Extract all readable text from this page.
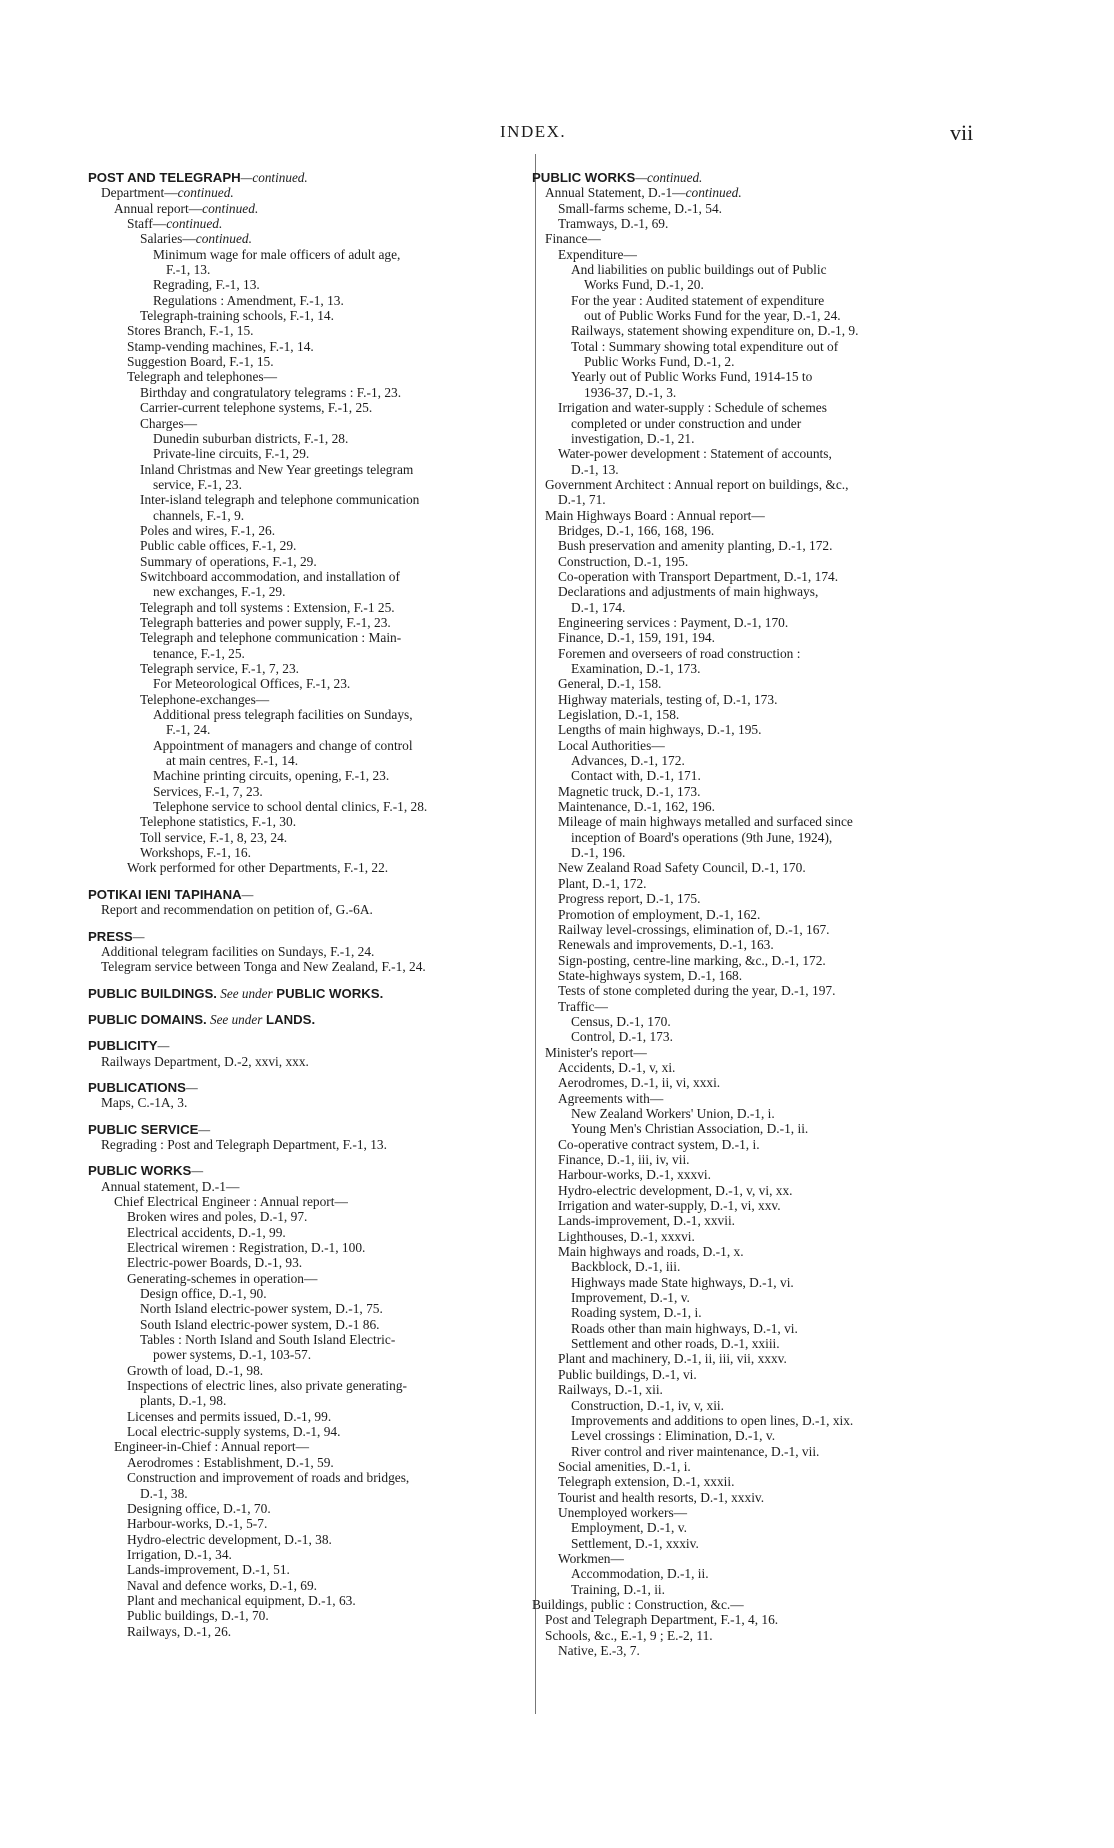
INDEX.	vii
POST AND TELEGRAPH—continued.
Department—continued.
Annual report—continued.
Staff—continued.
Salaries—continued.
Minimum wage for male officers of adult age,
F.-1, 13.
Regrading, F.-1, 13.
Regulations : Amendment, F.-1, 13.
Telegraph-training schools, F.-1, 14.
Stores Branch, F.-1, 15.
Stamp-vending machines, F.-1, 14.
Suggestion Board, F.-1, 15.
Telegraph and telephones—
Birthday and congratulatory telegrams : F.-1, 23.
Carrier-current telephone systems, F.-1, 25.
Charges—
Dunedin suburban districts, F.-1, 28.
Private-line circuits, F.-1, 29.
Inland Christmas and New Year greetings telegram
service, F.-1, 23.
Inter-island telegraph and telephone communication
channels, F.-1, 9.
Poles and wires, F.-1, 26.
Public cable offices, F.-1, 29.
Summary of operations, F.-1, 29.
Switchboard accommodation, and installation of
new exchanges, F.-1, 29.
Telegraph and toll systems : Extension, F.-1 25.
Telegraph batteries and power supply, F.-1, 23.
Telegraph and telephone communication : Main-
tenance, F.-1, 25.
Telegraph service, F.-1, 7, 23.
For Meteorological Offices, F.-1, 23.
Telephone-exchanges—
Additional press telegraph facilities on Sundays,
F.-1, 24.
Appointment of managers and change of control
at main centres, F.-1, 14.
Machine printing circuits, opening, F.-1, 23.
Services, F.-1, 7, 23.
Telephone service to school dental clinics, F.-1, 28.
Telephone statistics, F.-1, 30.
Toll service, F.-1, 8, 23, 24.
Workshops, F.-1, 16.
Work performed for other Departments, F.-1, 22.
POTIKAI IENI TAPIHANA—
Report and recommendation on petition of, G.-6A.
PRESS—
Additional telegram facilities on Sundays, F.-1, 24.
Telegram service between Tonga and New Zealand, F.-1, 24.
PUBLIC BUILDINGS. See under PUBLIC WORKS.
PUBLIC DOMAINS. See under LANDS.
PUBLICITY—
Railways Department, D.-2, xxvi, xxx.
PUBLICATIONS—
Maps, C.-1A, 3.
PUBLIC SERVICE—
Regrading : Post and Telegraph Department, F.-1, 13.
PUBLIC WORKS—
Annual statement, D.-1—
Chief Electrical Engineer : Annual report—
Broken wires and poles, D.-1, 97.
Electrical accidents, D.-1, 99.
Electrical wiremen : Registration, D.-1, 100.
Electric-power Boards, D.-1, 93.
Generating-schemes in operation—
Design office, D.-1, 90.
North Island electric-power system, D.-1, 75.
South Island electric-power system, D.-1 86.
Tables : North Island and South Island Electric-
power systems, D.-1, 103-57.
Growth of load, D.-1, 98.
Inspections of electric lines, also private generating-
plants, D.-1, 98.
Licenses and permits issued, D.-1, 99.
Local electric-supply systems, D.-1, 94.
Engineer-in-Chief : Annual report—
Aerodromes : Establishment, D.-1, 59.
Construction and improvement of roads and bridges,
D.-1, 38.
Designing office, D.-1, 70.
Harbour-works, D.-1, 5-7.
Hydro-electric development, D.-1, 38.
Irrigation, D.-1, 34.
Lands-improvement, D.-1, 51.
Naval and defence works, D.-1, 69.
Plant and mechanical equipment, D.-1, 63.
Public buildings, D.-1, 70.
Railways, D.-1, 26.
PUBLIC WORKS—continued.
Annual Statement, D.-1—continued.
Small-farms scheme, D.-1, 54.
Tramways, D.-1, 69.
Finance—
Expenditure—
And liabilities on public buildings out of Public
Works Fund, D.-1, 20.
For the year : Audited statement of expenditure
out of Public Works Fund for the year, D.-1, 24.
Railways, statement showing expenditure on, D.-1, 9.
Total : Summary showing total expenditure out of
Public Works Fund, D.-1, 2.
Yearly out of Public Works Fund, 1914-15 to
1936-37, D.-1, 3.
Irrigation and water-supply : Schedule of schemes
completed or under construction and under
investigation, D.-1, 21.
Water-power development : Statement of accounts,
D.-1, 13.
Government Architect : Annual report on buildings, &c.,
D.-1, 71.
Main Highways Board : Annual report—
Bridges, D.-1, 166, 168, 196.
Bush preservation and amenity planting, D.-1, 172.
Construction, D.-1, 195.
Co-operation with Transport Department, D.-1, 174.
Declarations and adjustments of main highways,
D.-1, 174.
Engineering services : Payment, D.-1, 170.
Finance, D.-1, 159, 191, 194.
Foremen and overseers of road construction :
Examination, D.-1, 173.
General, D.-1, 158.
Highway materials, testing of, D.-1, 173.
Legislation, D.-1, 158.
Lengths of main highways, D.-1, 195.
Local Authorities—
Advances, D.-1, 172.
Contact with, D.-1, 171.
Magnetic truck, D.-1, 173.
Maintenance, D.-1, 162, 196.
Mileage of main highways metalled and surfaced since
inception of Board's operations (9th June, 1924),
D.-1, 196.
New Zealand Road Safety Council, D.-1, 170.
Plant, D.-1, 172.
Progress report, D.-1, 175.
Promotion of employment, D.-1, 162.
Railway level-crossings, elimination of, D.-1, 167.
Renewals and improvements, D.-1, 163.
Sign-posting, centre-line marking, &c., D.-1, 172.
State-highways system, D.-1, 168.
Tests of stone completed during the year, D.-1, 197.
Traffic—
Census, D.-1, 170.
Control, D.-1, 173.
Minister's report—
Accidents, D.-1, v, xi.
Aerodromes, D.-1, ii, vi, xxxi.
Agreements with—
New Zealand Workers' Union, D.-1, i.
Young Men's Christian Association, D.-1, ii.
Co-operative contract system, D.-1, i.
Finance, D.-1, iii, iv, vii.
Harbour-works, D.-1, xxxvi.
Hydro-electric development, D.-1, v, vi, xx.
Irrigation and water-supply, D.-1, vi, xxv.
Lands-improvement, D.-1, xxvii.
Lighthouses, D.-1, xxxvi.
Main highways and roads, D.-1, x.
Backblock, D.-1, iii.
Highways made State highways, D.-1, vi.
Improvement, D.-1, v.
Roading system, D.-1, i.
Roads other than main highways, D.-1, vi.
Settlement and other roads, D.-1, xxiii.
Plant and machinery, D.-1, ii, iii, vii, xxxv.
Public buildings, D.-1, vi.
Railways, D.-1, xii.
Construction, D.-1, iv, v, xii.
Improvements and additions to open lines, D.-1, xix.
Level crossings : Elimination, D.-1, v.
River control and river maintenance, D.-1, vii.
Social amenities, D.-1, i.
Telegraph extension, D.-1, xxxii.
Tourist and health resorts, D.-1, xxxiv.
Unemployed workers—
Employment, D.-1, v.
Settlement, D.-1, xxxiv.
Workmen—
Accommodation, D.-1, ii.
Training, D.-1, ii.
Buildings, public : Construction, &c.—
Post and Telegraph Department, F.-1, 4, 16.
Schools, &c., E.-1, 9 ; E.-2, 11.
Native, E.-3, 7.
